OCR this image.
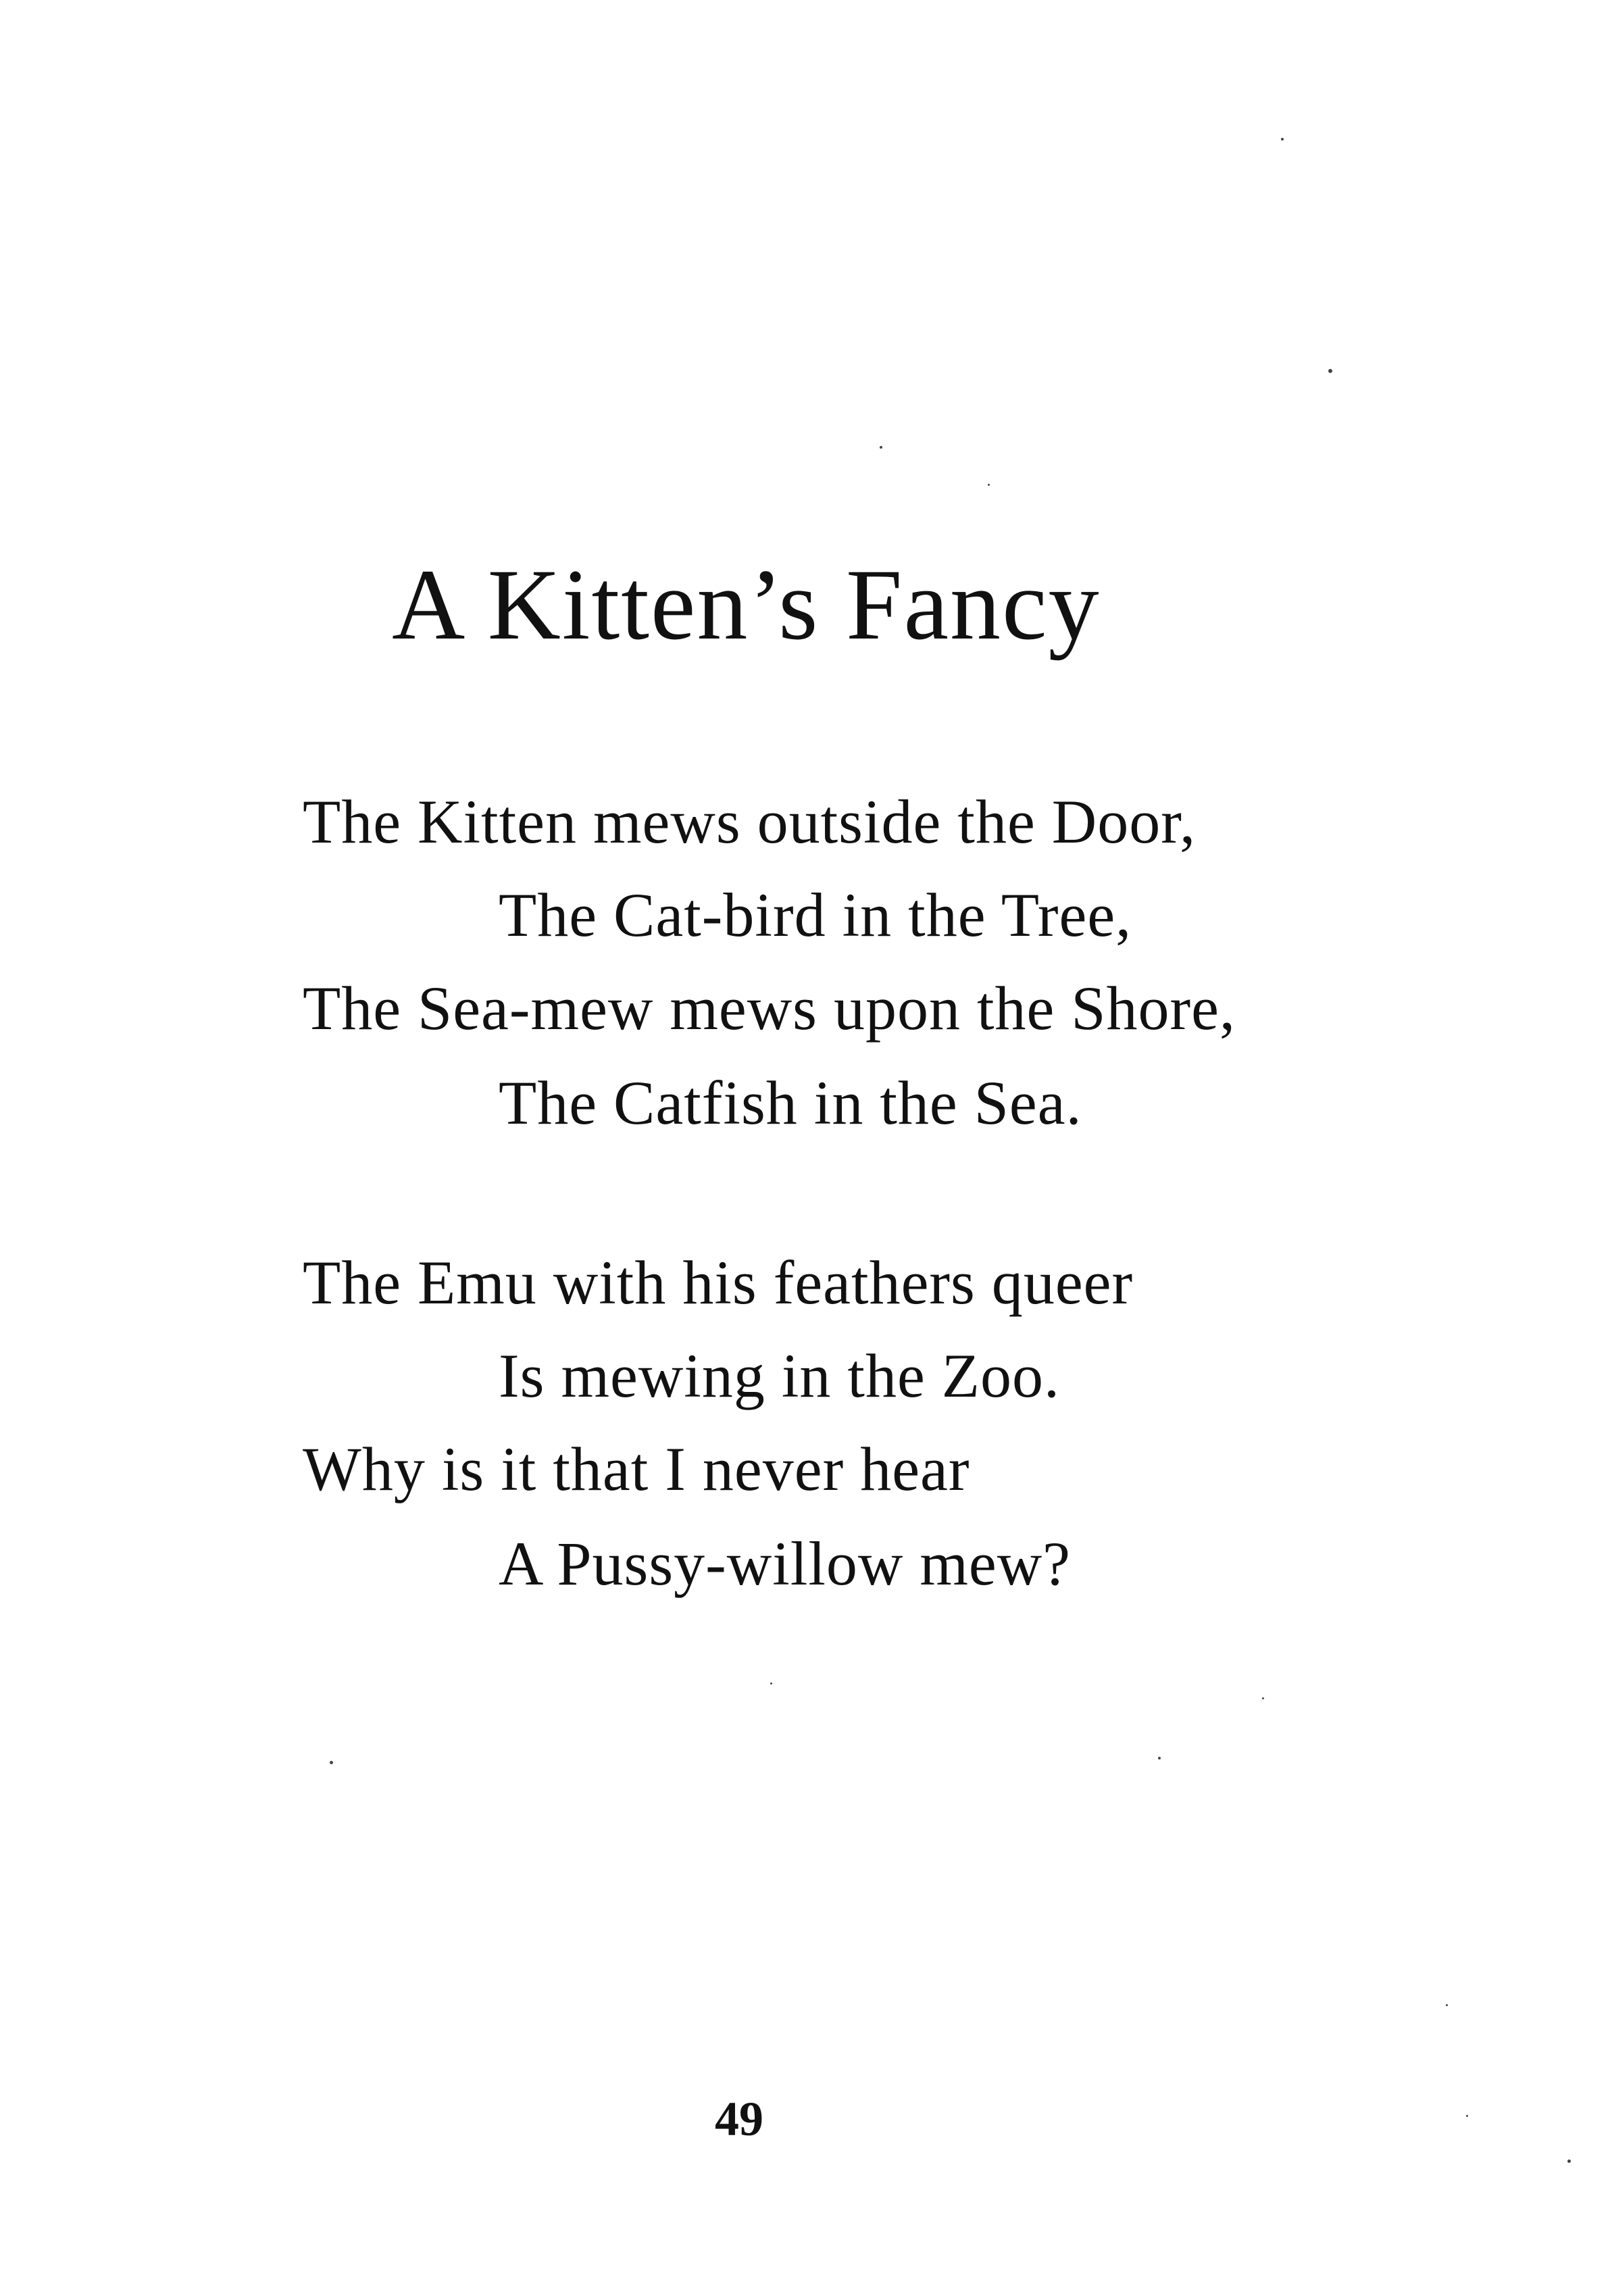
A Kitten’s Fancy
The Kitten mews outside the Door,
The Cat-bird in the Tree,
The Sea-mew mews upon the Shore,
The Catfish in the Sea.
The Emu with his feathers queer
Is mewing in the Zoo.
Why is it that I never hear
A Pussy-willow mew?
49
